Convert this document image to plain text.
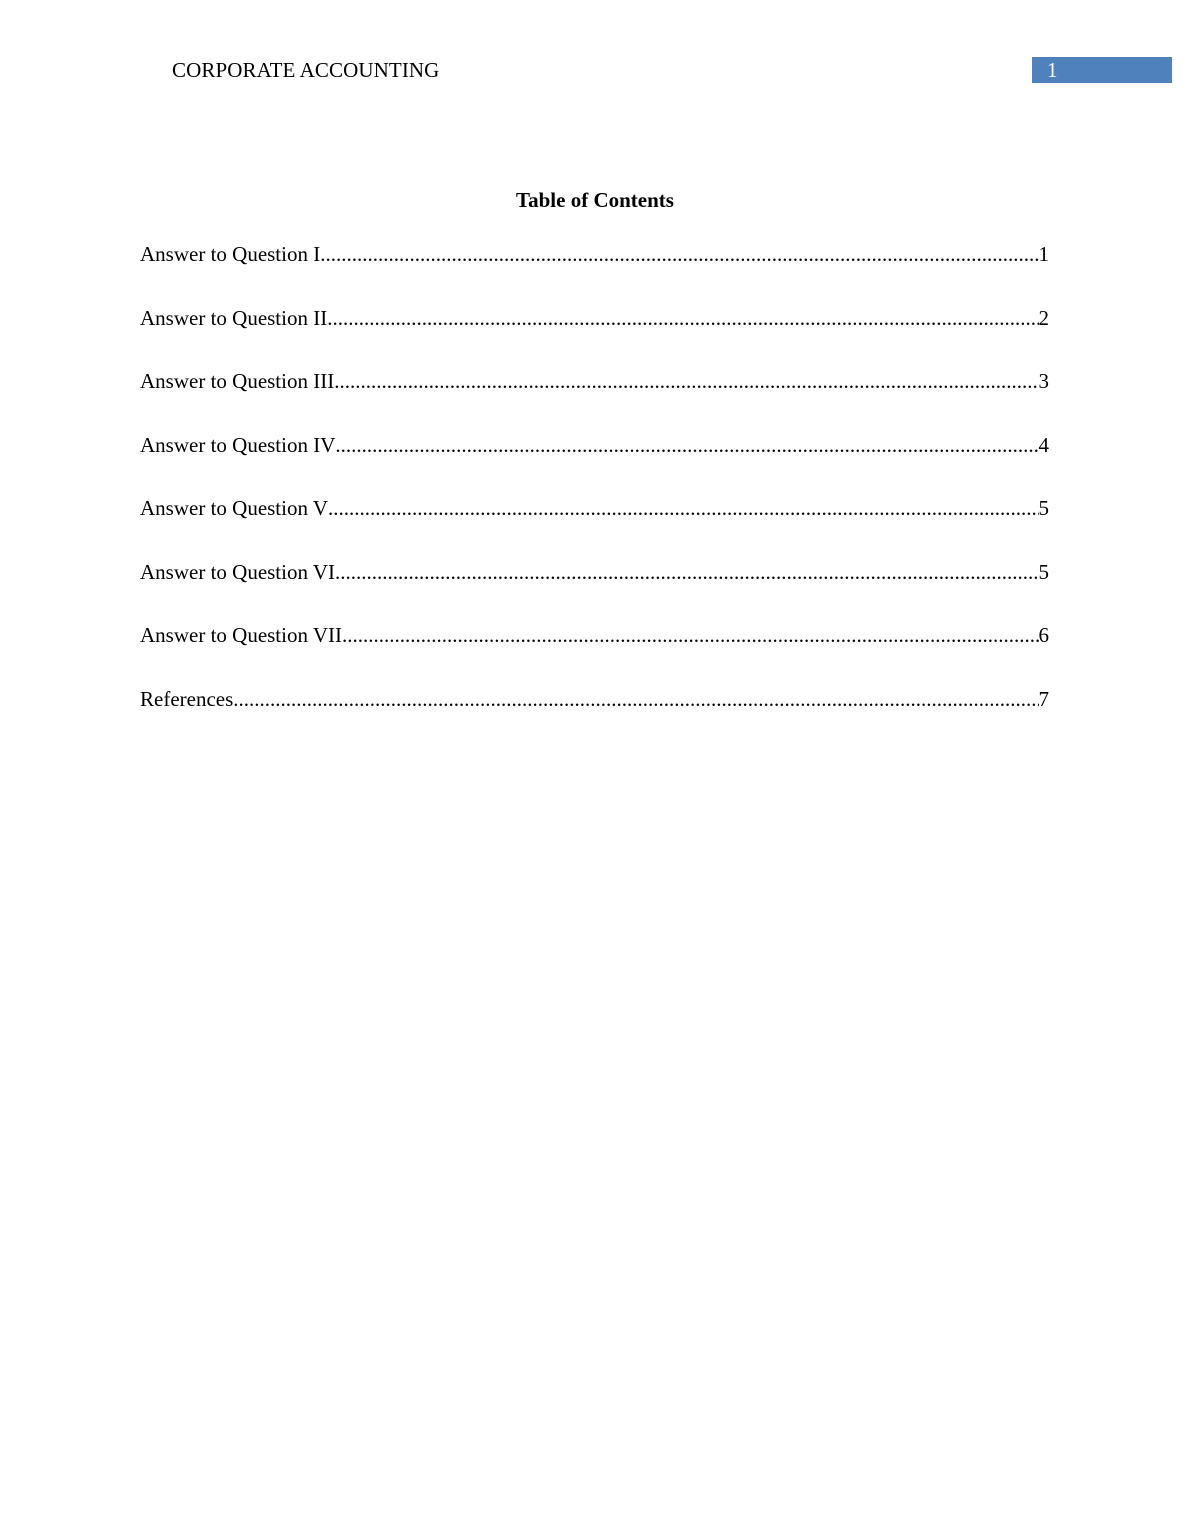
CORPORATE ACCOUNTING	1
Table of Contents
Answer to Question I .....	1
Answer to Question II .....	2
Answer to Question III .....	3
Answer to Question IV .....	4
Answer to Question V .....	5
Answer to Question VI .....	5
Answer to Question VII .....	6
References .....	7
